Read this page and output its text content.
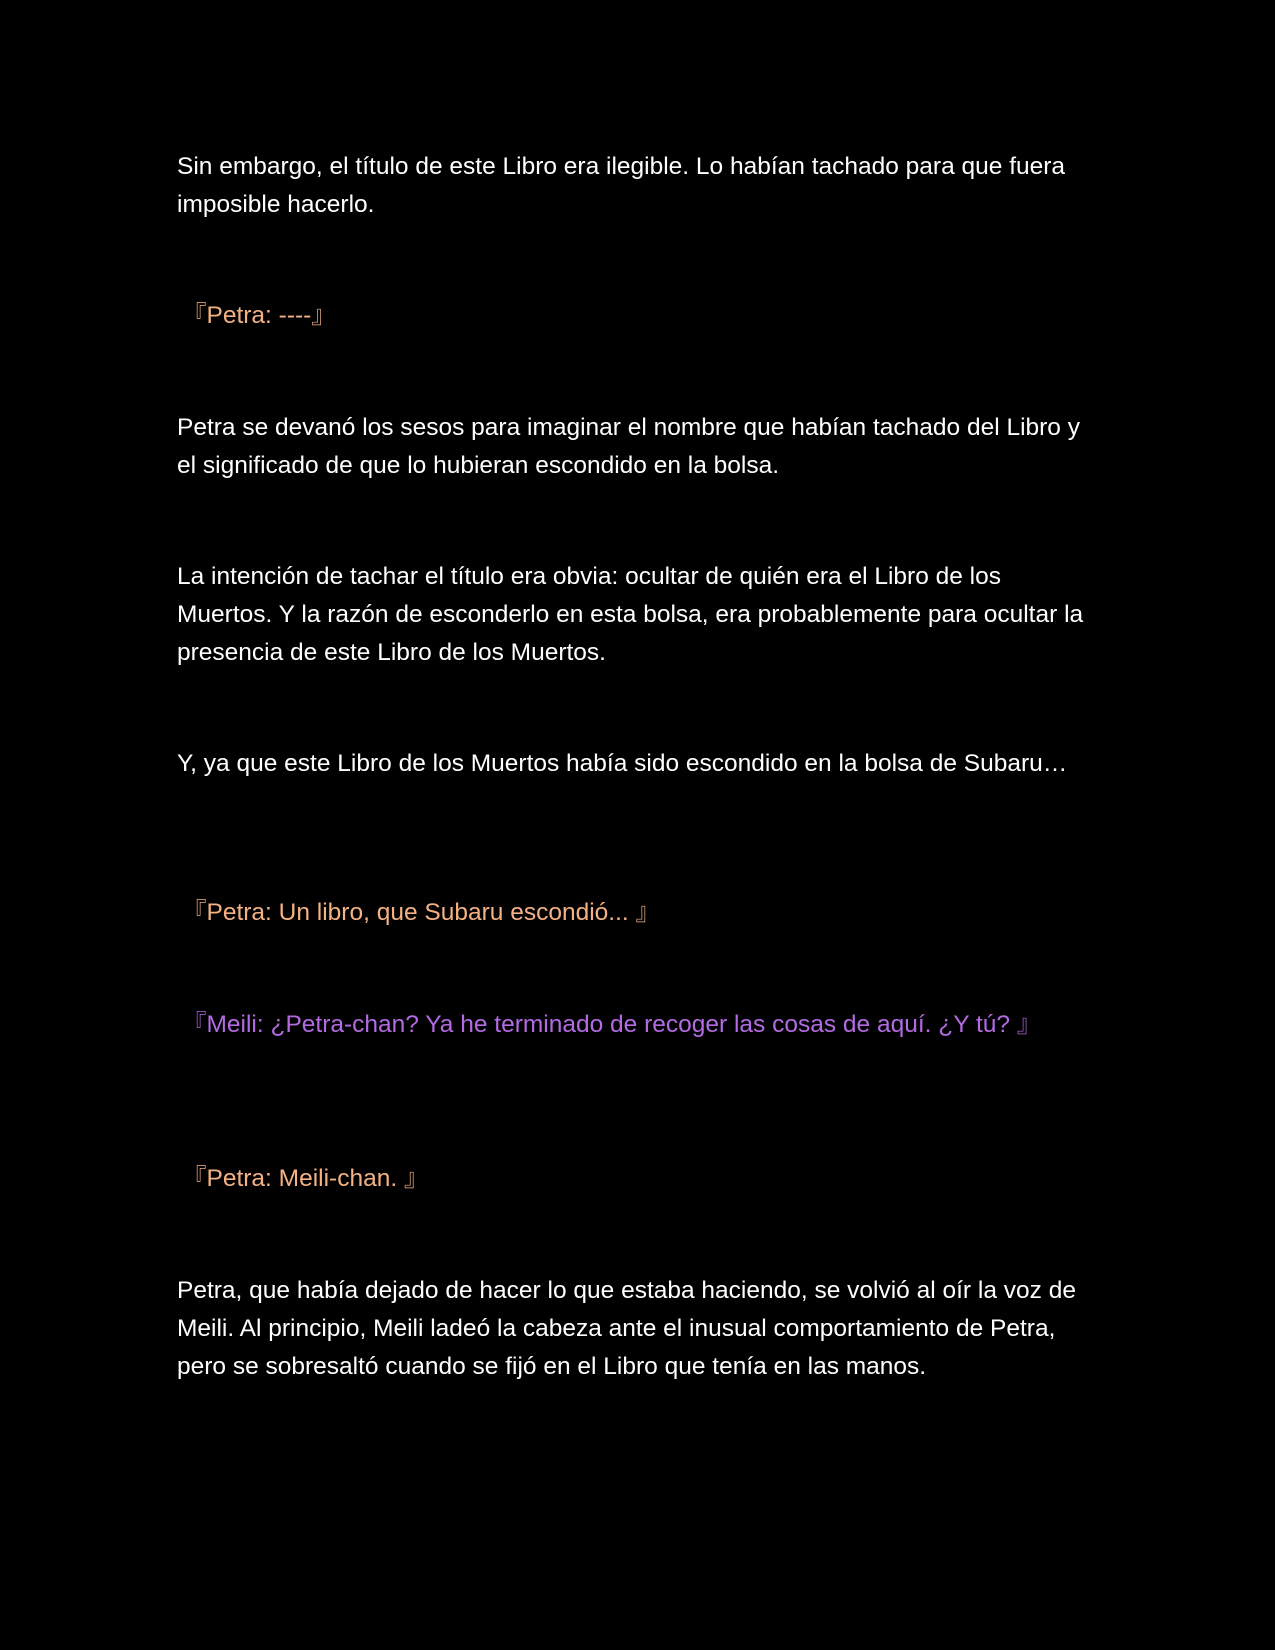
Sin embargo, el título de este Libro era ilegible. Lo habían tachado para que fuera imposible hacerlo.

『Petra: ----』

Petra se devanó los sesos para imaginar el nombre que habían tachado del Libro y el significado de que lo hubieran escondido en la bolsa.

La intención de tachar el título era obvia: ocultar de quién era el Libro de los Muertos. Y la razón de esconderlo en esta bolsa, era probablemente para ocultar la presencia de este Libro de los Muertos.

Y, ya que este Libro de los Muertos había sido escondido en la bolsa de Subaru…

『Petra: Un libro, que Subaru escondió... 』

『Meili: ¿Petra-chan? Ya he terminado de recoger las cosas de aquí. ¿Y tú? 』

『Petra: Meili-chan. 』

Petra, que había dejado de hacer lo que estaba haciendo, se volvió al oír la voz de Meili. Al principio, Meili ladeó la cabeza ante el inusual comportamiento de Petra, pero se sobresaltó cuando se fijó en el Libro que tenía en las manos.
